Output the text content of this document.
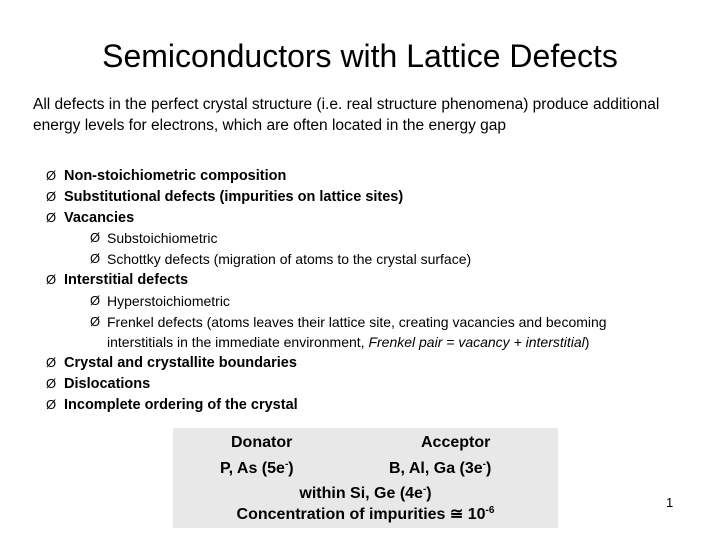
Semiconductors with Lattice Defects
All defects in the perfect crystal structure (i.e. real structure phenomena) produce additional energy levels for electrons, which are often located in the energy gap
Ø Non-stoichiometric composition
Ø Substitutional defects (impurities on lattice sites)
Ø Vacancies
Ø Substoichiometric
Ø Schottky defects (migration of atoms to the crystal surface)
Ø Interstitial defects
Ø Hyperstoichiometric
Ø Frenkel defects (atoms leaves their lattice site, creating vacancies and becoming
interstitials in the immediate environment, Frenkel pair = vacancy + interstitial)
Ø Crystal and crystallite boundaries
Ø Dislocations
Ø Incomplete ordering of the crystal
Donator	Acceptor
P, As (5e-)	B, Al, Ga (3e-)
within Si, Ge (4e-)
Concentration of impurities ≅ $10^{-6}$
1
